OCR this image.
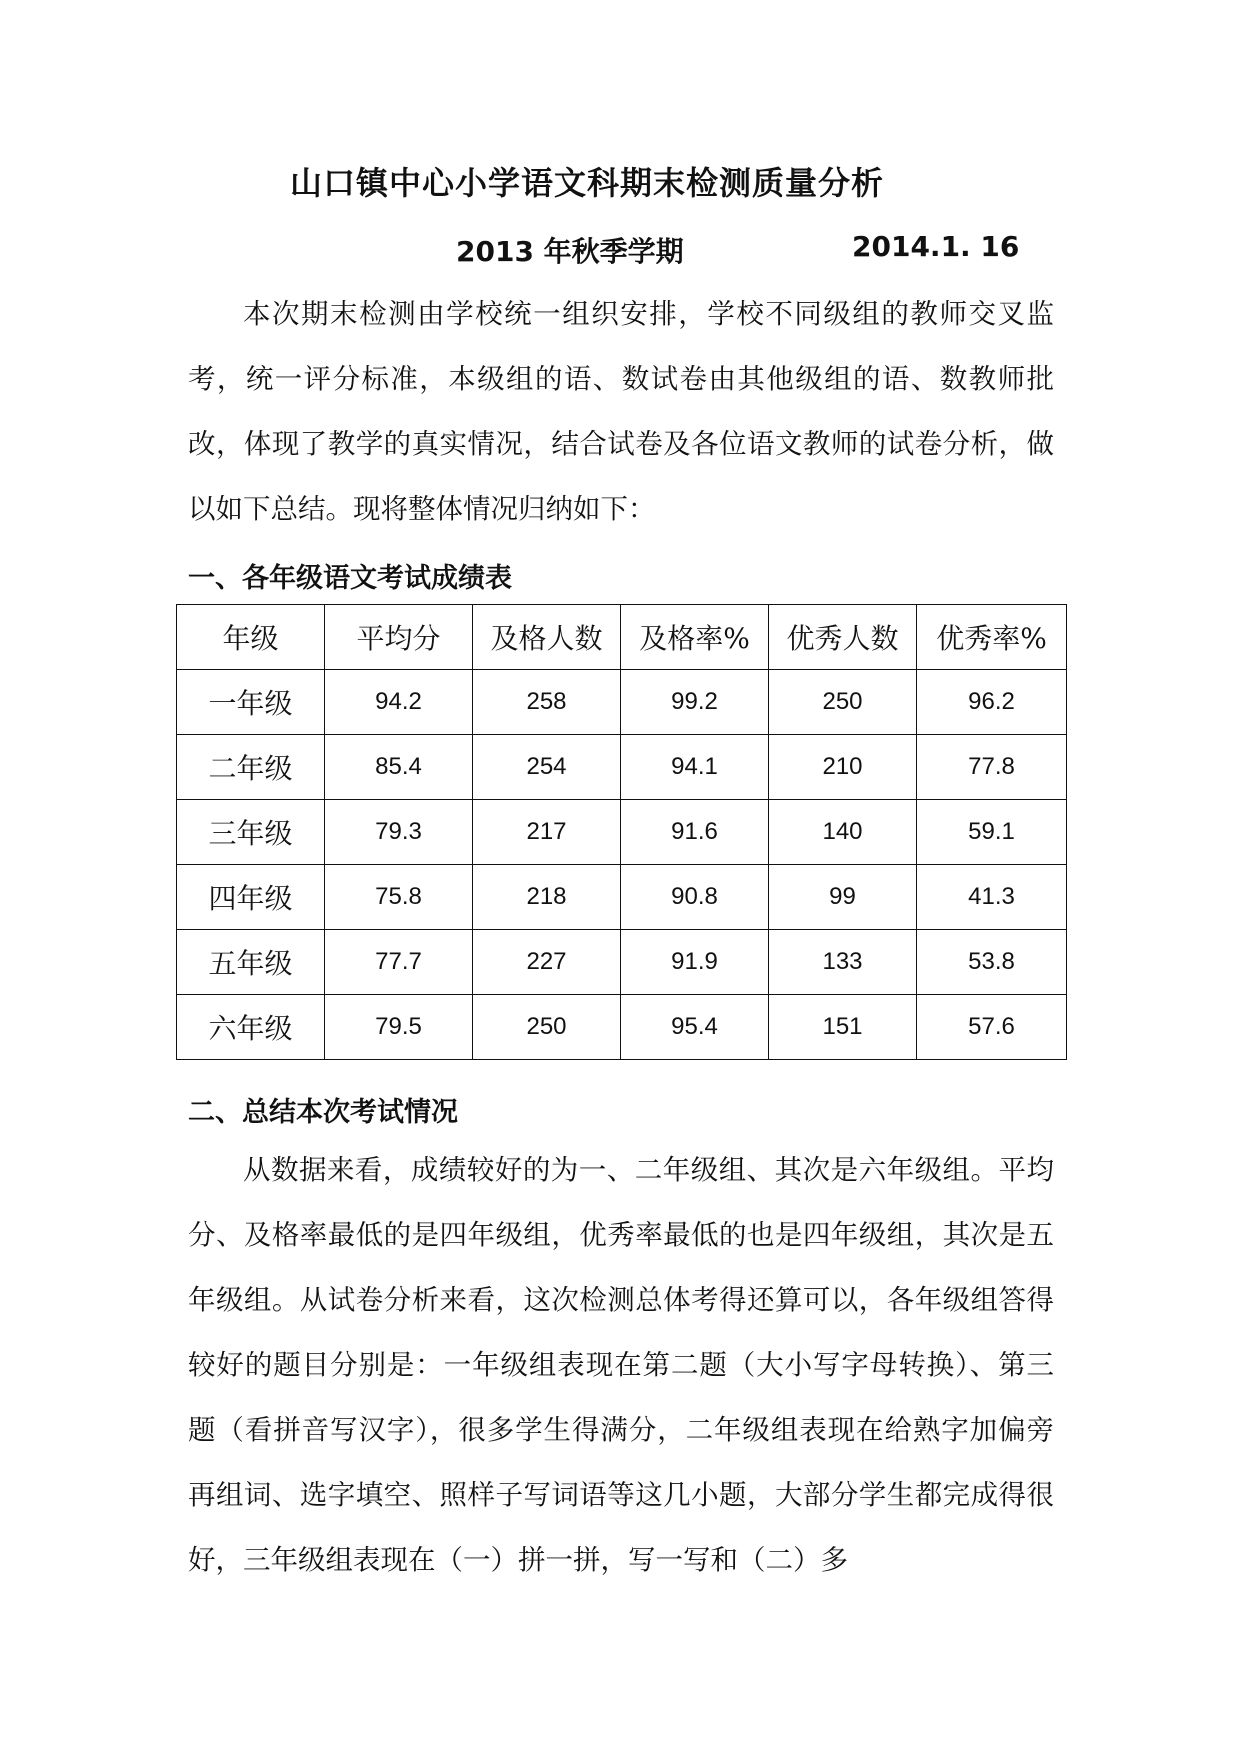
山口镇中心小学语文科期末检测质量分析
2013 年秋季学期	2014.1. 16
本次期末检测由学校统一组织安排，学校不同级组的教师交叉监考，统一评分标准，本级组的语、数试卷由其他级组的语、数教师批改，体现了教学的真实情况，结合试卷及各位语文教师的试卷分析，做以如下总结。现将整体情况归纳如下：
一、各年级语文考试成绩表
年级	平均分	及格人数	及格率%	优秀人数	优秀率%
一年级	94.2	258	99.2	250	96.2
二年级	85.4	254	94.1	210	77.8
三年级	79.3	217	91.6	140	59.1
四年级	75.8	218	90.8	99	41.3
五年级	77.7	227	91.9	133	53.8
六年级	79.5	250	95.4	151	57.6
二、总结本次考试情况
从数据来看，成绩较好的为一、二年级组、其次是六年级组。平均分、及格率最低的是四年级组，优秀率最低的也是四年级组，其次是五年级组。从试卷分析来看，这次检测总体考得还算可以，各年级组答得较好的题目分别是：一年级组表现在第二题（大小写字母转换）、第三题（看拼音写汉字），很多学生得满分，二年级组表现在给熟字加偏旁再组词、选字填空、照样子写词语等这几小题，大部分学生都完成得很好，三年级组表现在（一）拼一拼，写一写和（二）多
